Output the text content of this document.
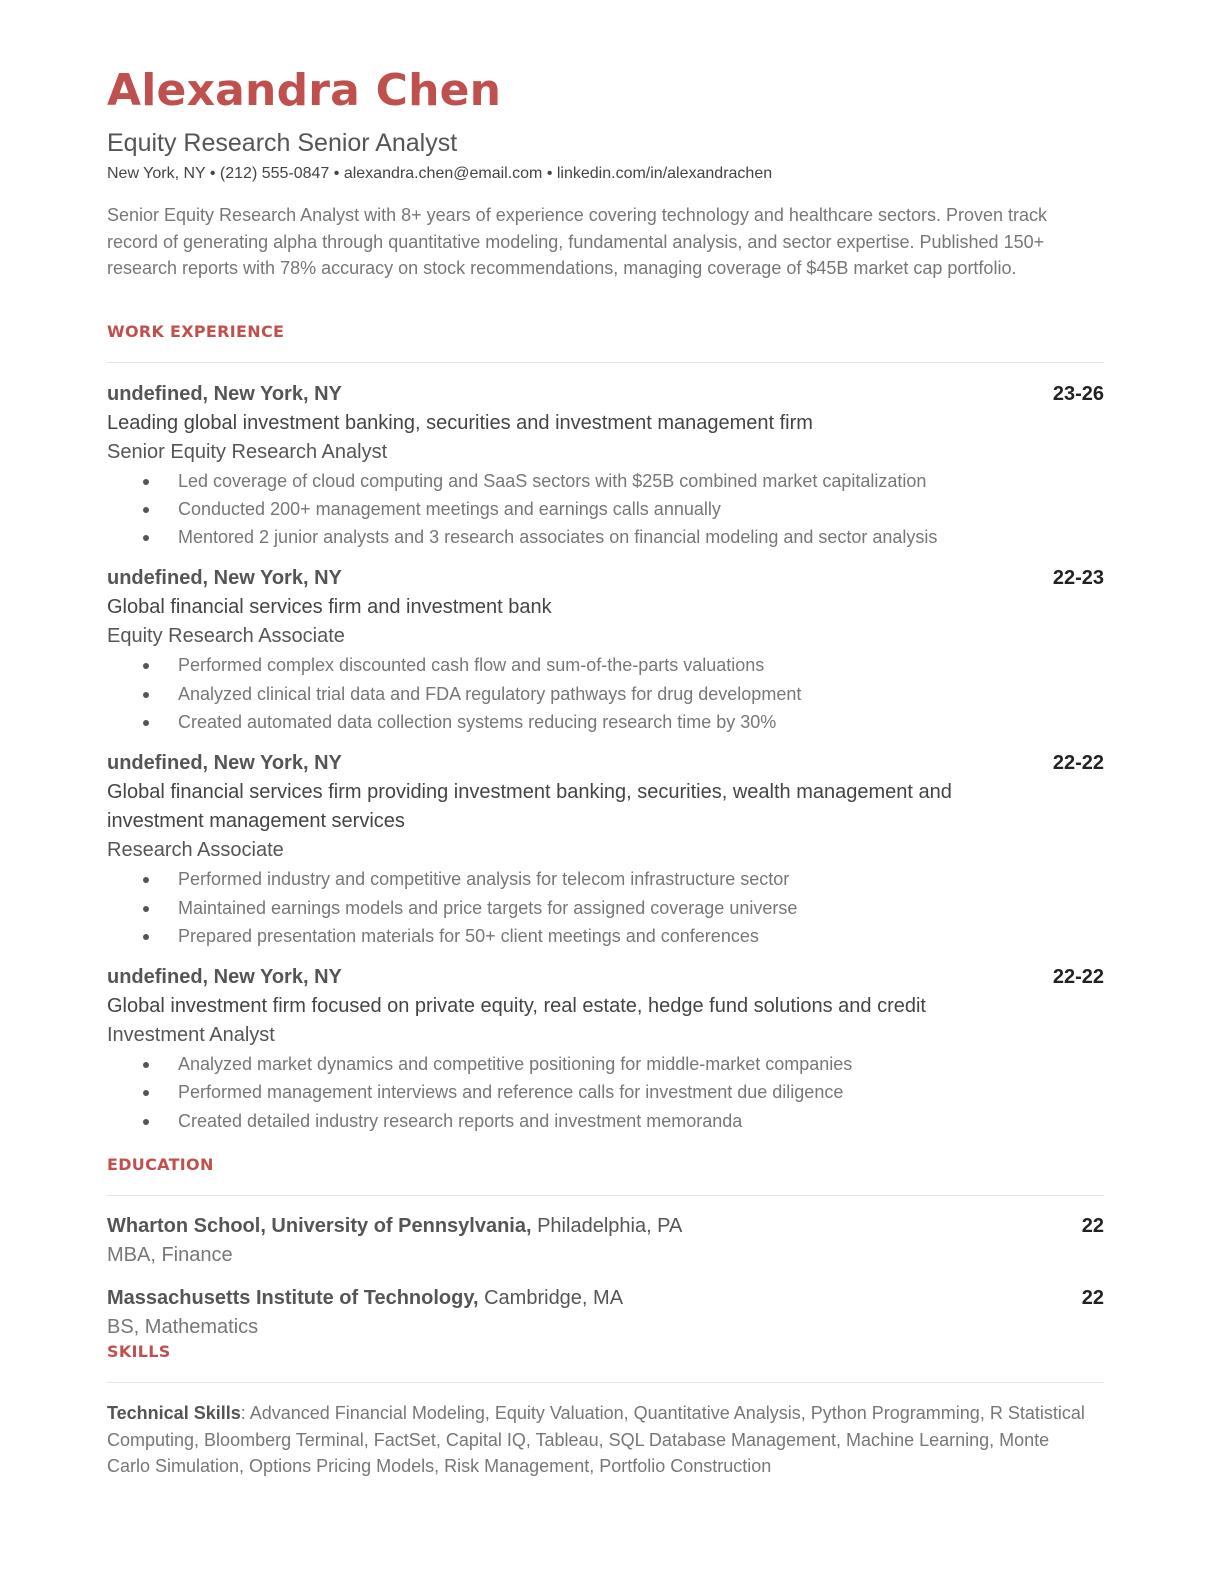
Alexandra Chen
Equity Research Senior Analyst
New York, NY • (212) 555-0847 • alexandra.chen@email.com • linkedin.com/in/alexandrachen
Senior Equity Research Analyst with 8+ years of experience covering technology and healthcare sectors. Proven track record of generating alpha through quantitative modeling, fundamental analysis, and sector expertise. Published 150+ research reports with 78% accuracy on stock recommendations, managing coverage of $45B market cap portfolio.
WORK EXPERIENCE
undefined, New York, NY	23-26
Leading global investment banking, securities and investment management firm
Senior Equity Research Analyst
Led coverage of cloud computing and SaaS sectors with $25B combined market capitalization
Conducted 200+ management meetings and earnings calls annually
Mentored 2 junior analysts and 3 research associates on financial modeling and sector analysis
undefined, New York, NY	22-23
Global financial services firm and investment bank
Equity Research Associate
Performed complex discounted cash flow and sum-of-the-parts valuations
Analyzed clinical trial data and FDA regulatory pathways for drug development
Created automated data collection systems reducing research time by 30%
undefined, New York, NY	22-22
Global financial services firm providing investment banking, securities, wealth management and investment management services
Research Associate
Performed industry and competitive analysis for telecom infrastructure sector
Maintained earnings models and price targets for assigned coverage universe
Prepared presentation materials for 50+ client meetings and conferences
undefined, New York, NY	22-22
Global investment firm focused on private equity, real estate, hedge fund solutions and credit
Investment Analyst
Analyzed market dynamics and competitive positioning for middle-market companies
Performed management interviews and reference calls for investment due diligence
Created detailed industry research reports and investment memoranda
EDUCATION
Wharton School, University of Pennsylvania, Philadelphia, PA	22
MBA, Finance
Massachusetts Institute of Technology, Cambridge, MA	22
BS, Mathematics
SKILLS
Technical Skills: Advanced Financial Modeling, Equity Valuation, Quantitative Analysis, Python Programming, R Statistical Computing, Bloomberg Terminal, FactSet, Capital IQ, Tableau, SQL Database Management, Machine Learning, Monte Carlo Simulation, Options Pricing Models, Risk Management, Portfolio Construction
